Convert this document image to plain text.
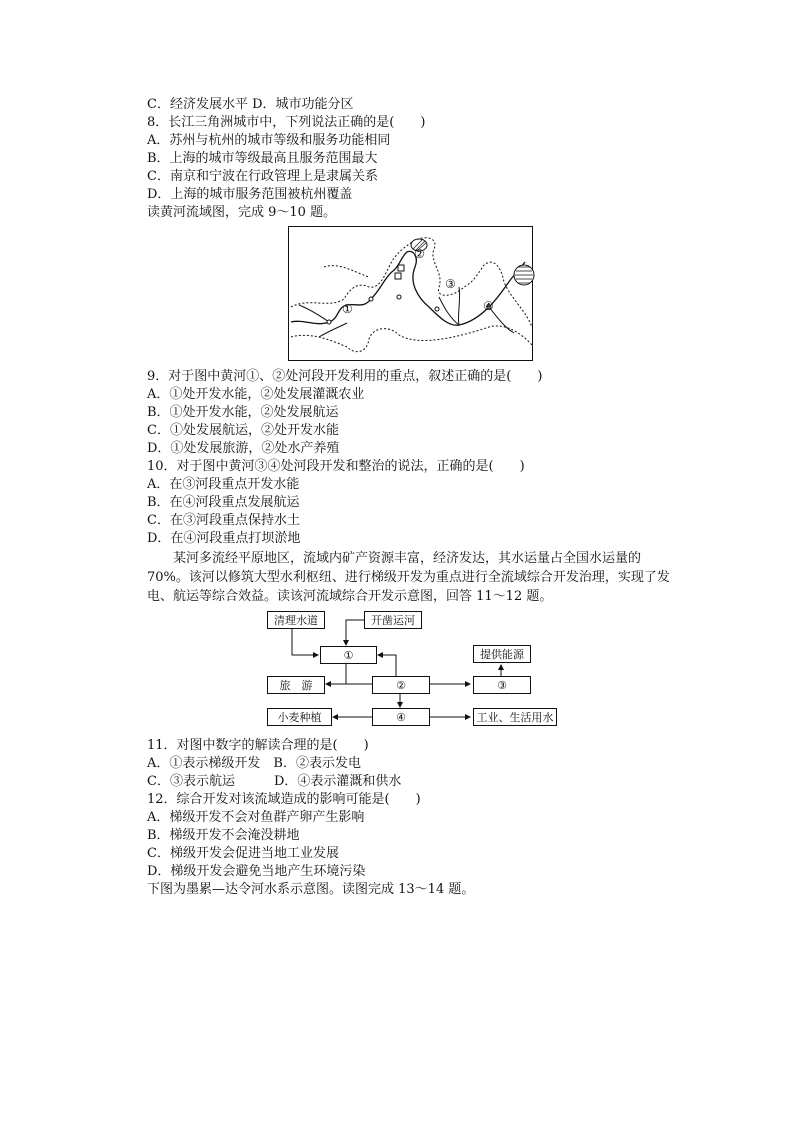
C．经济发展水平 D．城市功能分区
8．长江三角洲城市中，下列说法正确的是(　　)
A．苏州与杭州的城市等级和服务功能相同
B．上海的城市等级最高且服务范围最大
C．南京和宁波在行政管理上是隶属关系
D．上海的城市服务范围被杭州覆盖
读黄河流域图，完成 9～10 题。
①
②
③
④
9．对于图中黄河①、②处河段开发利用的重点，叙述正确的是(　　)
A．①处开发水能，②处发展灌溉农业
B．①处开发水能，②处发展航运
C．①处发展航运，②处开发水能
D．①处发展旅游，②处水产养殖
10．对于图中黄河③④处河段开发和整治的说法，正确的是(　　)
A．在③河段重点开发水能
B．在④河段重点发展航运
C．在③河段重点保持水土
D．在④河段重点打坝淤地
某河多流经平原地区，流域内矿产资源丰富，经济发达，其水运量占全国水运量的
70%。该河以修筑大型水利枢纽、进行梯级开发为重点进行全流域综合开发治理，实现了发
电、航运等综合效益。读该河流域综合开发示意图，回答 11～12 题。
清理水道	开凿运河
①	提供能源
旅　游	②	③
小麦种植	④	工业、生活用水
11．对图中数字的解读合理的是(　　)
A．①表示梯级开发　B．②表示发电
C．③表示航运　　　D．④表示灌溉和供水
12．综合开发对该流域造成的影响可能是(　　)
A．梯级开发不会对鱼群产卵产生影响
B．梯级开发不会淹没耕地
C．梯级开发会促进当地工业发展
D．梯级开发会避免当地产生环境污染
下图为墨累—达令河水系示意图。读图完成 13～14 题。
